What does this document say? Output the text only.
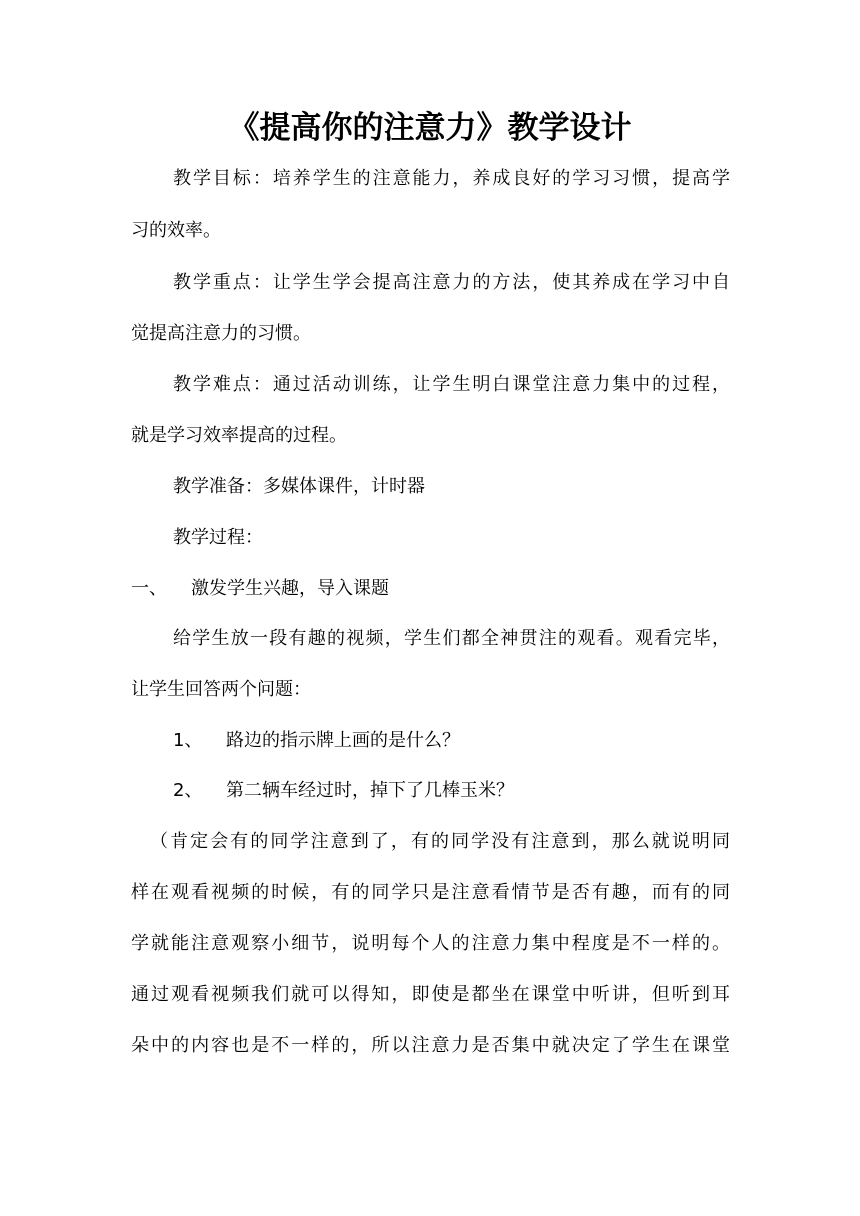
《提高你的注意力》教学设计
教学目标：培养学生的注意能力，养成良好的学习习惯，提高学
习的效率。
教学重点：让学生学会提高注意力的方法，使其养成在学习中自
觉提高注意力的习惯。
教学难点：通过活动训练，让学生明白课堂注意力集中的过程，
就是学习效率提高的过程。
教学准备：多媒体课件，计时器
教学过程：
一、 激发学生兴趣，导入课题
给学生放一段有趣的视频，学生们都全神贯注的观看。观看完毕，
让学生回答两个问题：
1、 路边的指示牌上画的是什么？
2、 第二辆车经过时，掉下了几棒玉米？
（肯定会有的同学注意到了，有的同学没有注意到，那么就说明同
样在观看视频的时候，有的同学只是注意看情节是否有趣，而有的同
学就能注意观察小细节，说明每个人的注意力集中程度是不一样的。
通过观看视频我们就可以得知，即使是都坐在课堂中听讲，但听到耳
朵中的内容也是不一样的，所以注意力是否集中就决定了学生在课堂
